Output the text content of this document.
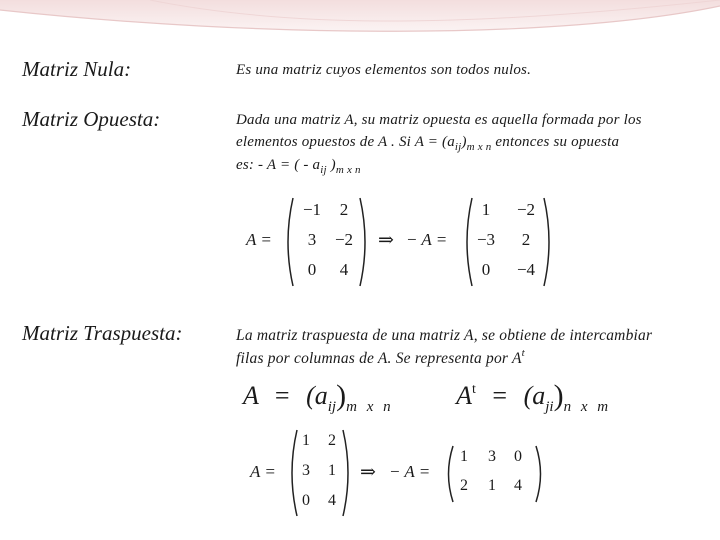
Matriz Nula:	Es una matriz cuyos elementos son todos nulos.
Matriz Opuesta:	Dada una matriz A, su matriz opuesta es aquella formada por los
elementos opuestos de A . Si $A = (a_{ij})_{m x n}$ entonces su opuesta
es: - A = ( - $a_{ij}$ )$_{m x n}$
A =
−1	2
3	−2
0	4
⇒ − A =
1	−2
−3	2
0	−4
Matriz Traspuesta:	La matriz traspuesta de una matriz A, se obtiene de intercambiar
filas por columnas de A. Se representa por $A^t$
$A = (a_{ij})_{m x n}$ $A^t = (a_{ji})_{n x m}$
A =
1	2
3	1
0	4
⇒ − A =
1	3	0
2	1	4
